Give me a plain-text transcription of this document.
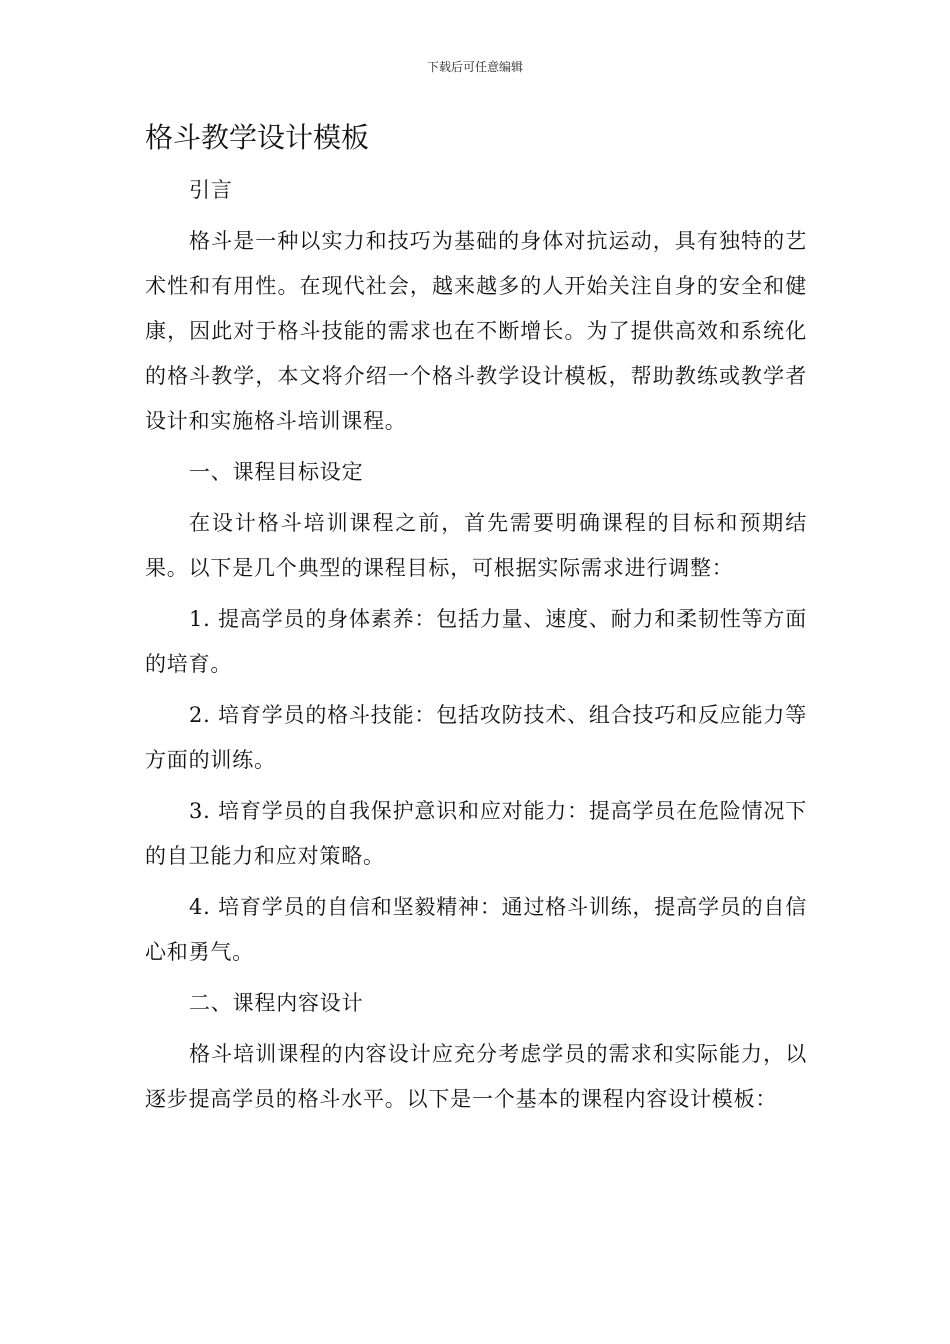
下载后可任意编辑
格斗教学设计模板

引言

格斗是一种以实力和技巧为基础的身体对抗运动，具有独特的艺术性和有用性。在现代社会，越来越多的人开始关注自身的安全和健康，因此对于格斗技能的需求也在不断增长。为了提供高效和系统化的格斗教学，本文将介绍一个格斗教学设计模板，帮助教练或教学者设计和实施格斗培训课程。

一、课程目标设定

在设计格斗培训课程之前，首先需要明确课程的目标和预期结果。以下是几个典型的课程目标，可根据实际需求进行调整：

1. 提高学员的身体素养：包括力量、速度、耐力和柔韧性等方面的培育。

2. 培育学员的格斗技能：包括攻防技术、组合技巧和反应能力等方面的训练。

3. 培育学员的自我保护意识和应对能力：提高学员在危险情况下的自卫能力和应对策略。

4. 培育学员的自信和坚毅精神：通过格斗训练，提高学员的自信心和勇气。

二、课程内容设计

格斗培训课程的内容设计应充分考虑学员的需求和实际能力，以逐步提高学员的格斗水平。以下是一个基本的课程内容设计模板：
